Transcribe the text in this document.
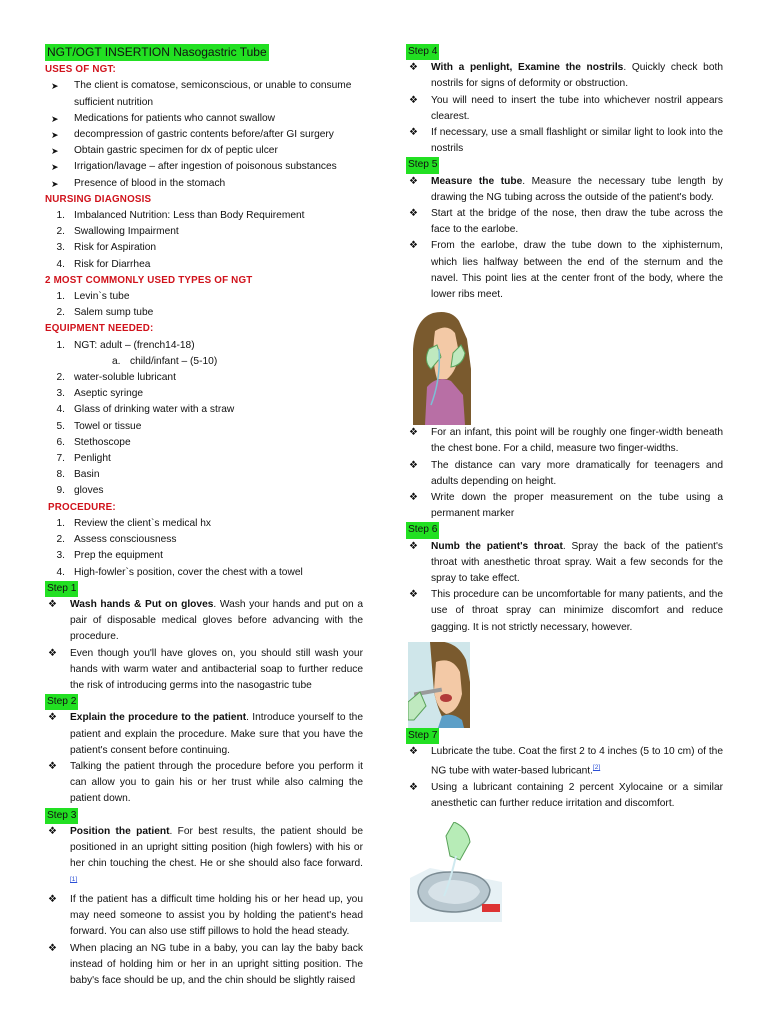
NGT/OGT INSERTION Nasogastric Tube
USES OF NGT:
➤	The client is comatose, semiconscious, or unable to consume sufficient nutrition
➤	Medications for patients who cannot swallow
➤	decompression of gastric contents before/after GI surgery
➤	Obtain gastric specimen for dx of peptic ulcer
➤	Irrigation/lavage – after ingestion of poisonous substances
➤	Presence of blood in the stomach
NURSING DIAGNOSIS
1. Imbalanced Nutrition: Less than Body Requirement
2. Swallowing Impairment
3. Risk for Aspiration
4. Risk for Diarrhea
2 MOST COMMONLY USED TYPES OF NGT
1. Levin`s tube
2. Salem sump tube
EQUIPMENT NEEDED:
1. NGT: adult – (french14-18)
a. child/infant – (5-10)
2. water-soluble lubricant
3. Aseptic syringe
4. Glass of drinking water with a straw
5. Towel or tissue
6. Stethoscope
7. Penlight
8. Basin
9. gloves
PROCEDURE:
1. Review the client`s medical hx
2. Assess consciousness
3. Prep the equipment
4. High-fowler`s position, cover the chest with a towel
Step 1
❖	Wash hands & Put on gloves. Wash your hands and put on a pair of disposable medical gloves before advancing with the procedure.
❖	Even though you'll have gloves on, you should still wash your hands with warm water and antibacterial soap to further reduce the risk of introducing germs into the nasogastric tube
Step 2
❖	Explain the procedure to the patient. Introduce yourself to the patient and explain the procedure. Make sure that you have the patient's consent before continuing.
❖	Talking the patient through the procedure before you perform it can allow you to gain his or her trust while also calming the patient down.
Step 3
❖	Position the patient. For best results, the patient should be positioned in an upright sitting position (high fowlers) with his or her chin touching the chest. He or she should also face forward.[1]
❖	If the patient has a difficult time holding his or her head up, you may need someone to assist you by holding the patient's head forward. You can also use stiff pillows to hold the head steady.
❖	When placing an NG tube in a baby, you can lay the baby back instead of holding him or her in an upright sitting position. The baby's face should be up, and the chin should be slightly raised
Step 4
❖	With a penlight, Examine the nostrils. Quickly check both nostrils for signs of deformity or obstruction.
❖	You will need to insert the tube into whichever nostril appears clearest.
❖	If necessary, use a small flashlight or similar light to look into the nostrils
Step 5
❖	Measure the tube. Measure the necessary tube length by drawing the NG tubing across the outside of the patient's body.
❖	Start at the bridge of the nose, then draw the tube across the face to the earlobe.
❖	From the earlobe, draw the tube down to the xiphisternum, which lies halfway between the end of the sternum and the navel. This point lies at the center front of the body, where the lower ribs meet.
❖	For an infant, this point will be roughly one finger-width beneath the chest bone. For a child, measure two finger-widths.
❖	The distance can vary more dramatically for teenagers and adults depending on height.
❖	Write down the proper measurement on the tube using a permanent marker
Step 6
❖	Numb the patient's throat. Spray the back of the patient's throat with anesthetic throat spray. Wait a few seconds for the spray to take effect.
❖	This procedure can be uncomfortable for many patients, and the use of throat spray can minimize discomfort and reduce gagging. It is not strictly necessary, however.
Step 7
❖	Lubricate the tube. Coat the first 2 to 4 inches (5 to 10 cm) of the NG tube with water-based lubricant.[2]
❖	Using a lubricant containing 2 percent Xylocaine or a similar anesthetic can further reduce irritation and discomfort.
